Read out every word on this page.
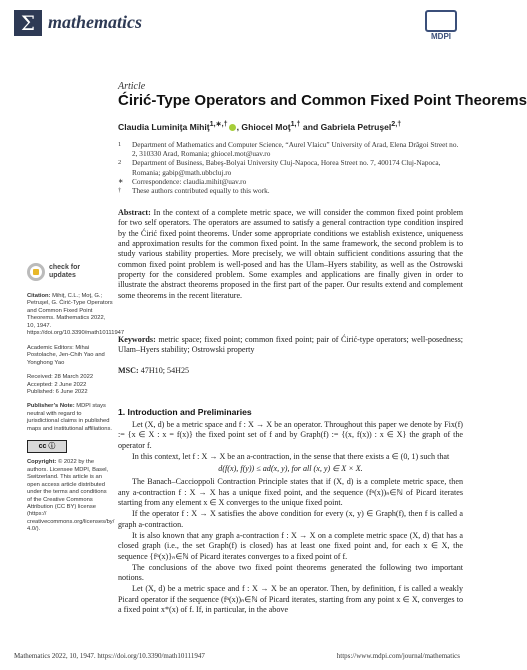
Σ mathematics
MDPI
Article
Ćirić-Type Operators and Common Fixed Point Theorems
Claudia Luminiţa Mihiţ$^{1,∗,\dagger}$ , Ghiocel Moţ$^{1,\dagger}$ and Gabriela Petruşel$^{2,\dagger}$
1	Department of Mathematics and Computer Science, “Aurel Vlaicu” University of Arad, Elena Drăgoi Street no. 2, 310330 Arad, Romania; ghiocel.mot@uav.ro
2	Department of Business, Babeş-Bolyai University Cluj-Napoca, Horea Street no. 7, 400174 Cluj-Napoca, Romania; gabip@math.ubbcluj.ro
∗	Correspondence: claudia.mihit@uav.ro
†	These authors contributed equally to this work.
Abstract: In the context of a complete metric space, we will consider the common fixed point problem for two self operators. The operators are assumed to satisfy a general contraction type condition inspired by the Ćirić fixed point theorems. Under some appropriate conditions we establish existence, uniqueness and approximation results for the common fixed point. In the same framework, the second problem is to study various stability properties. More precisely, we will obtain sufficient conditions assuring that the common fixed point problem is well-posed and has the Ulam–Hyers stability, as well as the Ostrowski property for the considered problem. Some examples and applications are finally given in order to illustrate the abstract theorems proposed in the first part of the paper. Our results extend and complement some theorems in the recent literature.
Keywords: metric space; fixed point; common fixed point; pair of Ćirić-type operators; well-posedness; Ulam–Hyers stability; Ostrowski property
MSC: 47H10; 54H25
check for
updates
Citation: Mihiţ, C.L.; Moţ, G.; Petruşel, G. Ćirić-Type Operators and Common Fixed Point Theorems. Mathematics 2022, 10, 1947. https://doi.org/10.3390/math10111947
Academic Editors: Mihai Postolache, Jen-Chih Yao and Yonghong Yao
Received: 28 March 2022
Accepted: 2 June 2022
Published: 6 June 2022
Publisher’s Note: MDPI stays neutral with regard to jurisdictional claims in published maps and institutional affiliations.
cc ⓘ
Copyright: © 2022 by the authors. Licensee MDPI, Basel, Switzerland. This article is an open access article distributed under the terms and conditions of the Creative Commons Attribution (CC BY) license (https:// creativecommons.org/licenses/by/ 4.0/).
1. Introduction and Preliminaries

Let (X, d) be a metric space and f : X → X be an operator. Throughout this paper we denote by Fix(f) := {x ∈ X : x = f(x)} the fixed point set of f and by Graph(f) := {(x, f(x)) : x ∈ X} the graph of the operator f.

In this context, let f : X → X be an a-contraction, in the sense that there exists a ∈ (0, 1) such that

d(f(x), f(y)) ≤ ad(x, y), for all (x, y) ∈ X × X.

The Banach–Caccioppoli Contraction Principle states that if (X, d) is a complete metric space, then any a-contraction f : X → X has a unique fixed point, and the sequence (fⁿ(x))ₙ∈ℕ of Picard iterates starting from any element x ∈ X converges to the unique fixed point.

If the operator f : X → X satisfies the above condition for every (x, y) ∈ Graph(f), then f is called a graph a-contraction.

It is also known that any graph a-contraction f : X → X on a complete metric space (X, d) that has a closed graph (i.e., the set Graph(f) is closed) has at least one fixed point and, for each x ∈ X, the sequence {fⁿ(x)}ₙ∈ℕ of Picard iterates converges to a fixed point of f.

The conclusions of the above two fixed point theorems generated the following two important notions.

Let (X, d) be a metric space and f : X → X be an operator. Then, by definition, f is called a weakly Picard operator if the sequence (fⁿ(x))ₙ∈ℕ of Picard iterates, starting from any point x ∈ X, converges to a fixed point x*(x) of f. If, in particular, in the above

Mathematics 2022, 10, 1947. https://doi.org/10.3390/math10111947	https://www.mdpi.com/journal/mathematics
